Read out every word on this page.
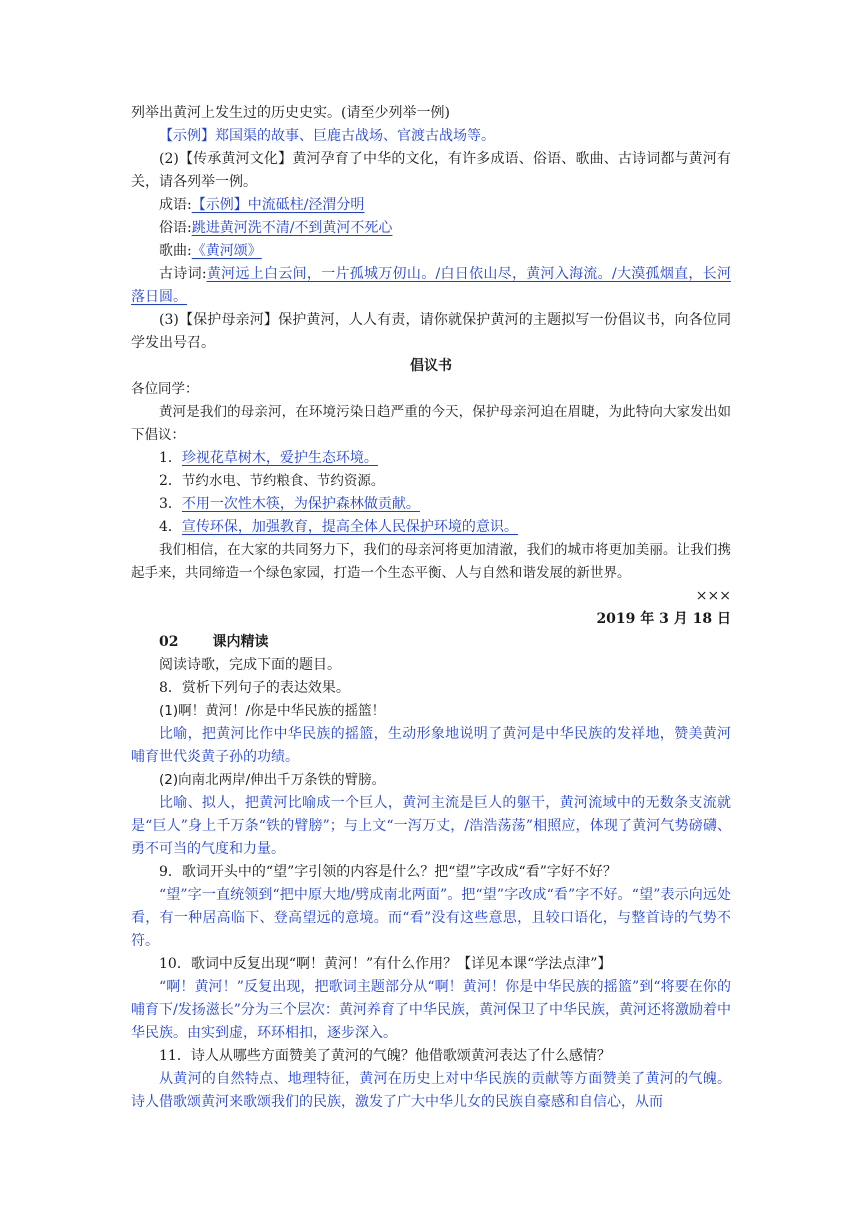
列举出黄河上发生过的历史史实。(请至少列举一例)

【示例】郑国渠的故事、巨鹿古战场、官渡古战场等。

(2)【传承黄河文化】黄河孕育了中华的文化，有许多成语、俗语、歌曲、古诗词都与黄河有关，请各列举一例。

成语:【示例】中流砥柱/泾渭分明

俗语:跳进黄河洗不清/不到黄河不死心

歌曲:《黄河颂》

古诗词:黄河远上白云间，一片孤城万仞山。/白日依山尽，黄河入海流。/大漠孤烟直，长河落日圆。

(3)【保护母亲河】保护黄河，人人有责，请你就保护黄河的主题拟写一份倡议书，向各位同学发出号召。

倡议书

各位同学：

黄河是我们的母亲河，在环境污染日趋严重的今天，保护母亲河迫在眉睫，为此特向大家发出如下倡议：

1．珍视花草树木，爱护生态环境。

2．节约水电、节约粮食、节约资源。

3．不用一次性木筷，为保护森林做贡献。

4．宣传环保，加强教育，提高全体人民保护环境的意识。

我们相信，在大家的共同努力下，我们的母亲河将更加清澈，我们的城市将更加美丽。让我们携起手来，共同缔造一个绿色家园，打造一个生态平衡、人与自然和谐发展的新世界。

×××

2019 年 3 月 18 日

02 课内精读

阅读诗歌，完成下面的题目。

8．赏析下列句子的表达效果。

(1)啊！黄河！/你是中华民族的摇篮！

比喻，把黄河比作中华民族的摇篮，生动形象地说明了黄河是中华民族的发祥地，赞美黄河哺育世代炎黄子孙的功绩。

(2)向南北两岸/伸出千万条铁的臂膀。

比喻、拟人，把黄河比喻成一个巨人，黄河主流是巨人的躯干，黄河流域中的无数条支流就是“巨人”身上千万条“铁的臂膀”；与上文“一泻万丈，/浩浩荡荡”相照应，体现了黄河气势磅礴、勇不可当的气度和力量。

9．歌词开头中的“望”字引领的内容是什么？把“望”字改成“看”字好不好？

“望”字一直统领到“把中原大地/劈成南北两面”。把“望”字改成“看”字不好。“望”表示向远处看，有一种居高临下、登高望远的意境。而“看”没有这些意思，且较口语化，与整首诗的气势不符。

10．歌词中反复出现“啊！黄河！”有什么作用？【详见本课“学法点津”】

“啊！黄河！”反复出现，把歌词主题部分从“啊！黄河！你是中华民族的摇篮”到“将要在你的哺育下/发扬滋长”分为三个层次：黄河养育了中华民族，黄河保卫了中华民族，黄河还将激励着中华民族。由实到虚，环环相扣，逐步深入。

11．诗人从哪些方面赞美了黄河的气魄？他借歌颂黄河表达了什么感情？

从黄河的自然特点、地理特征，黄河在历史上对中华民族的贡献等方面赞美了黄河的气魄。诗人借歌颂黄河来歌颂我们的民族，激发了广大中华儿女的民族自豪感和自信心，从而
